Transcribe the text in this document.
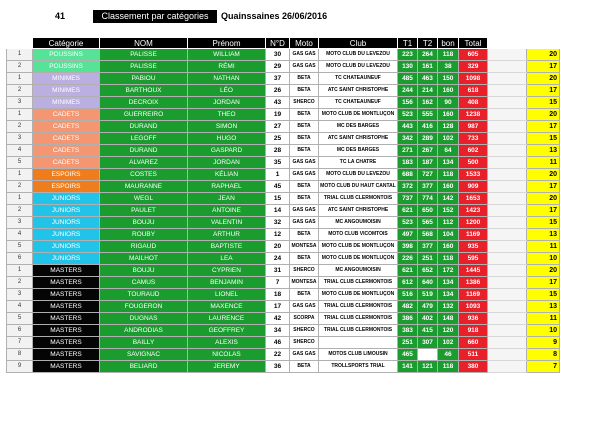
41	Classement par catégories	Quainssaines 26/06/2016
	Catégorie	NOM	Prénom	N°D	Moto	Club	T1	T2	bon	Total		
1	POUSSINS	PALISSE	WILLIAM	30	GAS GAS	MOTO CLUB DU LEVEZOU	223	264	118	605		20
2	POUSSINS	PALISSE	RÉMI	29	GAS GAS	MOTO CLUB DU LEVEZOU	130	161	38	329		17
1	MINIMES	PABIOU	NATHAN	37	BETA	TC CHATEAUNEUF	485	463	150	1098		20
2	MINIMES	BARTHOUX	LÉO	26	BETA	ATC SAINT CHRISTOPHE	244	214	160	618		17
3	MINIMES	DECROIX	JORDAN	43	SHERCO	TC CHATEAUNEUF	156	162	90	408		15
1	CADETS	GUERREIRO	THEO	19	BETA	MOTO CLUB DE MONTLUÇON	523	555	160	1238		20
2	CADETS	DURAND	SIMON	27	BETA	MC DES BARGES	443	416	128	987		17
3	CADETS	LEGOFF	HUGO	25	BETA	ATC SAINT CHRISTOPHE	342	289	102	733		15
4	CADETS	DURAND	GASPARD	28	BETA	MC DES BARGES	271	267	64	602		13
5	CADETS	ALVAREZ	JORDAN	35	GAS GAS	TC LA CHATRE	183	187	134	500		11
1	ESPOIRS	COSTES	KÉLIAN	1	GAS GAS	MOTO CLUB DU LEVEZOU	688	727	118	1533		20
2	ESPOIRS	MAURANNE	RAPHAEL	45	BETA	MOTO CLUB DU HAUT CANTAL	372	377	160	909		17
1	JUNIORS	WEGL	JEAN	15	BETA	TRIAL CLUB CLERMONTOIS	737	774	142	1653		20
2	JUNIORS	PAULET	ANTOINE	14	GAS GAS	ATC SAINT CHRISTOPHE	621	650	152	1423		17
3	JUNIORS	BOUJU	VALENTIN	32	GAS GAS	MC ANGOUMOISIN	523	565	112	1200		15
4	JUNIORS	ROUBY	ARTHUR	12	BETA	MOTO CLUB VICOMTOIS	497	568	104	1169		13
5	JUNIORS	RIGAUD	BAPTISTE	20	MONTESA	MOTO CLUB DE MONTLUÇON	398	377	160	935		11
6	JUNIORS	MAILHOT	LEA	24	BETA	MOTO CLUB DE MONTLUÇON	226	251	118	595		10
1	MASTERS	BOUJU	CYPRIEN	31	SHERCO	MC ANGOUMOISIN	621	652	172	1445		20
2	MASTERS	CAMUS	BENJAMIN	7	MONTESA	TRIAL CLUB CLERMONTOIS	612	640	134	1386		17
3	MASTERS	TOURAUD	LIONEL	18	BETA	MOTO CLUB DE MONTLUÇON	516	519	134	1169		15
4	MASTERS	FOUGERON	MAXENCE	17	GAS GAS	TRIAL CLUB CLERMONTOIS	482	479	132	1093		13
5	MASTERS	DUGNAS	LAURENCE	42	SCORPA	TRIAL CLUB CLERMONTOIS	386	402	148	936		11
6	MASTERS	ANDRODIAS	GEOFFREY	34	SHERCO	TRIAL CLUB CLERMONTOIS	383	415	120	918		10
7	MASTERS	BAILLY	ALEXIS	46	SHERCO		251	307	102	660		9
8	MASTERS	SAVIGNAC	NICOLAS	22	GAS GAS	MOTOS CLUB LIMOUSIN	465		46	511		8
9	MASTERS	BELIARD	JEREMY	36	BETA	TROLLSPORTS TRIAL	141	121	118	380		7
